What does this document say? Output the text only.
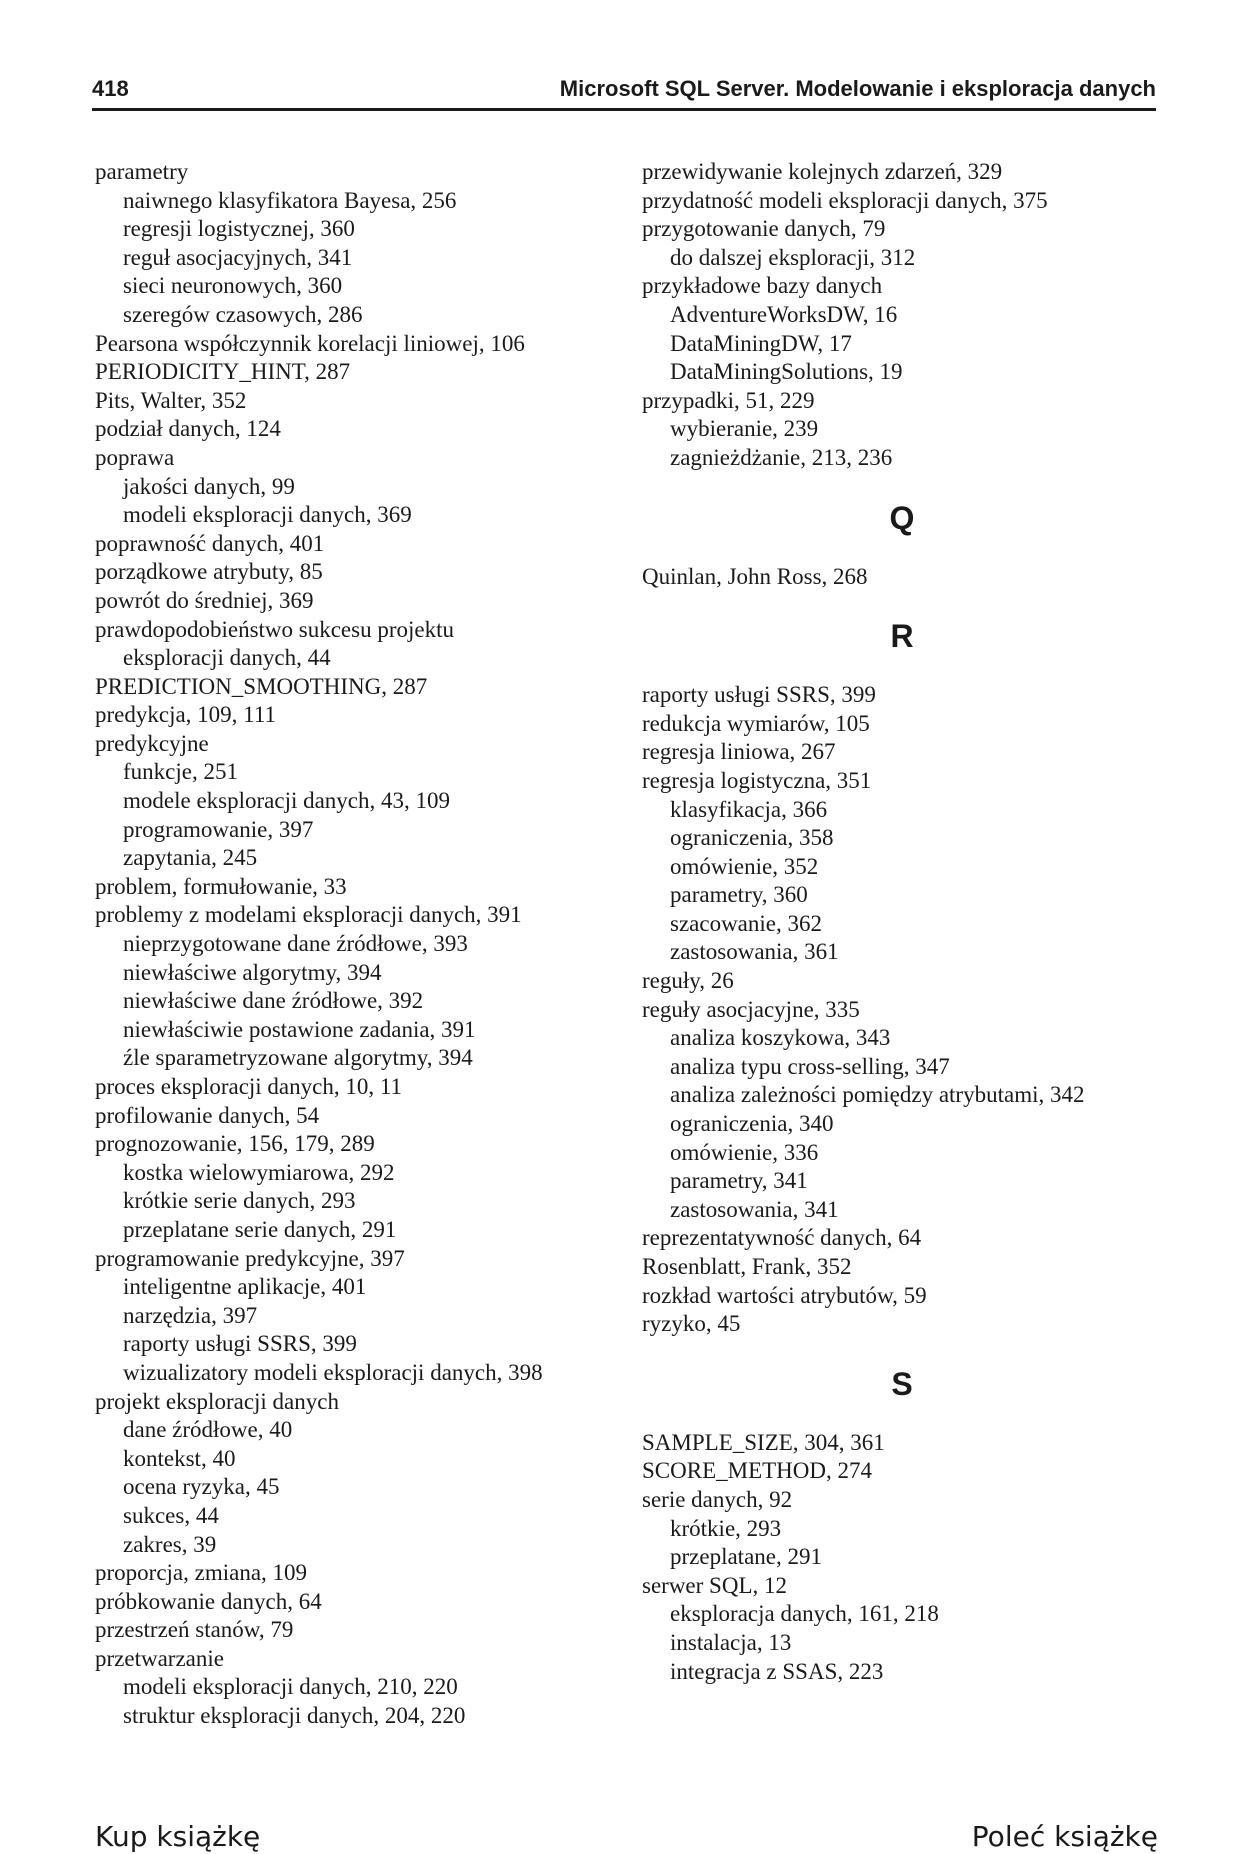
418	Microsoft SQL Server. Modelowanie i eksploracja danych
parametry
naiwnego klasyfikatora Bayesa, 256
regresji logistycznej, 360
reguł asocjacyjnych, 341
sieci neuronowych, 360
szeregów czasowych, 286
Pearsona współczynnik korelacji liniowej, 106
PERIODICITY_HINT, 287
Pits, Walter, 352
podział danych, 124
poprawa
jakości danych, 99
modeli eksploracji danych, 369
poprawność danych, 401
porządkowe atrybuty, 85
powrót do średniej, 369
prawdopodobieństwo sukcesu projektu
eksploracji danych, 44
PREDICTION_SMOOTHING, 287
predykcja, 109, 111
predykcyjne
funkcje, 251
modele eksploracji danych, 43, 109
programowanie, 397
zapytania, 245
problem, formułowanie, 33
problemy z modelami eksploracji danych, 391
nieprzygotowane dane źródłowe, 393
niewłaściwe algorytmy, 394
niewłaściwe dane źródłowe, 392
niewłaściwie postawione zadania, 391
źle sparametryzowane algorytmy, 394
proces eksploracji danych, 10, 11
profilowanie danych, 54
prognozowanie, 156, 179, 289
kostka wielowymiarowa, 292
krótkie serie danych, 293
przeplatane serie danych, 291
programowanie predykcyjne, 397
inteligentne aplikacje, 401
narzędzia, 397
raporty usługi SSRS, 399
wizualizatory modeli eksploracji danych, 398
projekt eksploracji danych
dane źródłowe, 40
kontekst, 40
ocena ryzyka, 45
sukces, 44
zakres, 39
proporcja, zmiana, 109
próbkowanie danych, 64
przestrzeń stanów, 79
przetwarzanie
modeli eksploracji danych, 210, 220
struktur eksploracji danych, 204, 220
przewidywanie kolejnych zdarzeń, 329
przydatność modeli eksploracji danych, 375
przygotowanie danych, 79
do dalszej eksploracji, 312
przykładowe bazy danych
AdventureWorksDW, 16
DataMiningDW, 17
DataMiningSolutions, 19
przypadki, 51, 229
wybieranie, 239
zagnieżdżanie, 213, 236
Q
Quinlan, John Ross, 268
R
raporty usługi SSRS, 399
redukcja wymiarów, 105
regresja liniowa, 267
regresja logistyczna, 351
klasyfikacja, 366
ograniczenia, 358
omówienie, 352
parametry, 360
szacowanie, 362
zastosowania, 361
reguły, 26
reguły asocjacyjne, 335
analiza koszykowa, 343
analiza typu cross-selling, 347
analiza zależności pomiędzy atrybutami, 342
ograniczenia, 340
omówienie, 336
parametry, 341
zastosowania, 341
reprezentatywność danych, 64
Rosenblatt, Frank, 352
rozkład wartości atrybutów, 59
ryzyko, 45
S
SAMPLE_SIZE, 304, 361
SCORE_METHOD, 274
serie danych, 92
krótkie, 293
przeplatane, 291
serwer SQL, 12
eksploracja danych, 161, 218
instalacja, 13
integracja z SSAS, 223
Kup książkę	Poleć książkę
